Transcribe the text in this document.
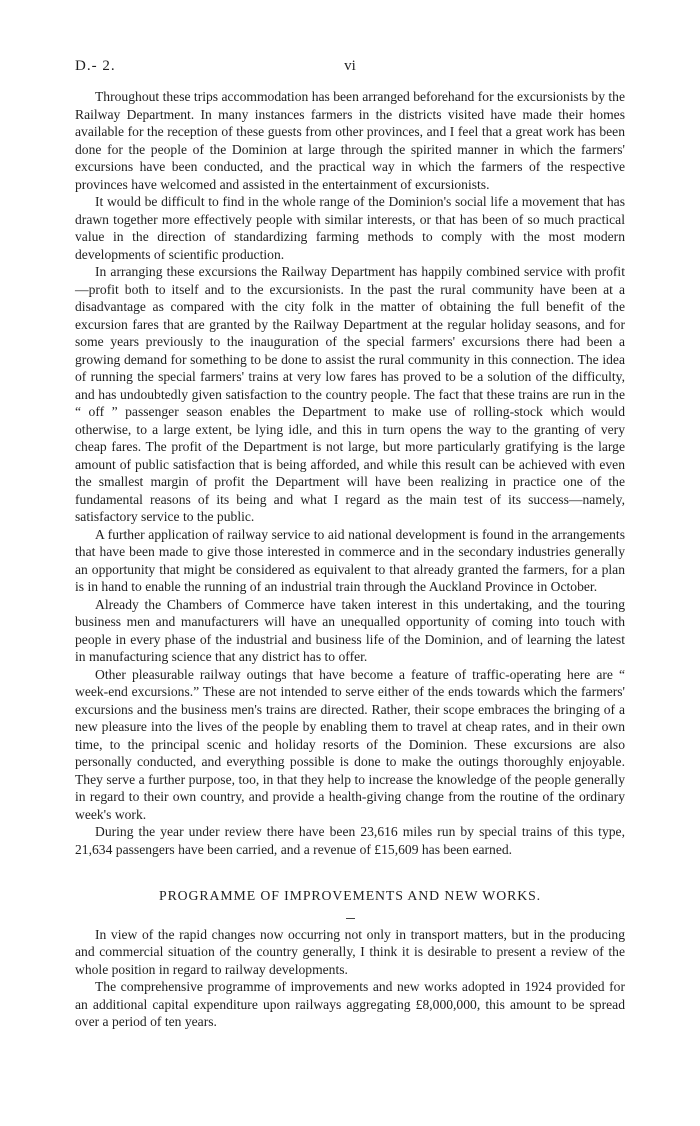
D.- 2.	vi

Throughout these trips accommodation has been arranged beforehand for the excursionists by the Railway Department. In many instances farmers in the districts visited have made their homes available for the reception of these guests from other provinces, and I feel that a great work has been done for the people of the Dominion at large through the spirited manner in which the farmers' excursions have been conducted, and the practical way in which the farmers of the respective provinces have welcomed and assisted in the entertainment of excursionists.

It would be difficult to find in the whole range of the Dominion's social life a movement that has drawn together more effectively people with similar interests, or that has been of so much practical value in the direction of standardizing farming methods to comply with the most modern developments of scientific production.

In arranging these excursions the Railway Department has happily combined service with profit—profit both to itself and to the excursionists. In the past the rural community have been at a disadvantage as compared with the city folk in the matter of obtaining the full benefit of the excursion fares that are granted by the Railway Department at the regular holiday seasons, and for some years previously to the inauguration of the special farmers' excursions there had been a growing demand for something to be done to assist the rural community in this connection. The idea of running the special farmers' trains at very low fares has proved to be a solution of the difficulty, and has undoubtedly given satisfaction to the country people. The fact that these trains are run in the “ off ” passenger season enables the Department to make use of rolling-stock which would otherwise, to a large extent, be lying idle, and this in turn opens the way to the granting of very cheap fares. The profit of the Department is not large, but more particularly gratifying is the large amount of public satisfaction that is being afforded, and while this result can be achieved with even the smallest margin of profit the Department will have been realizing in practice one of the fundamental reasons of its being and what I regard as the main test of its success—namely, satisfactory service to the public.

A further application of railway service to aid national development is found in the arrangements that have been made to give those interested in commerce and in the secondary industries generally an opportunity that might be considered as equivalent to that already granted the farmers, for a plan is in hand to enable the running of an industrial train through the Auckland Province in October.

Already the Chambers of Commerce have taken interest in this undertaking, and the touring business men and manufacturers will have an unequalled opportunity of coming into touch with people in every phase of the industrial and business life of the Dominion, and of learning the latest in manufacturing science that any district has to offer.

Other pleasurable railway outings that have become a feature of traffic-operating here are “ week-end excursions.” These are not intended to serve either of the ends towards which the farmers' excursions and the business men's trains are directed. Rather, their scope embraces the bringing of a new pleasure into the lives of the people by enabling them to travel at cheap rates, and in their own time, to the principal scenic and holiday resorts of the Dominion. These excursions are also personally conducted, and everything possible is done to make the outings thoroughly enjoyable. They serve a further purpose, too, in that they help to increase the knowledge of the people generally in regard to their own country, and provide a health-giving change from the routine of the ordinary week's work.

During the year under review there have been 23,616 miles run by special trains of this type, 21,634 passengers have been carried, and a revenue of £15,609 has been earned.

PROGRAMME OF IMPROVEMENTS AND NEW WORKS.

In view of the rapid changes now occurring not only in transport matters, but in the producing and commercial situation of the country generally, I think it is desirable to present a review of the whole position in regard to railway developments.

The comprehensive programme of improvements and new works adopted in 1924 provided for an additional capital expenditure upon railways aggregating £8,000,000, this amount to be spread over a period of ten years.
